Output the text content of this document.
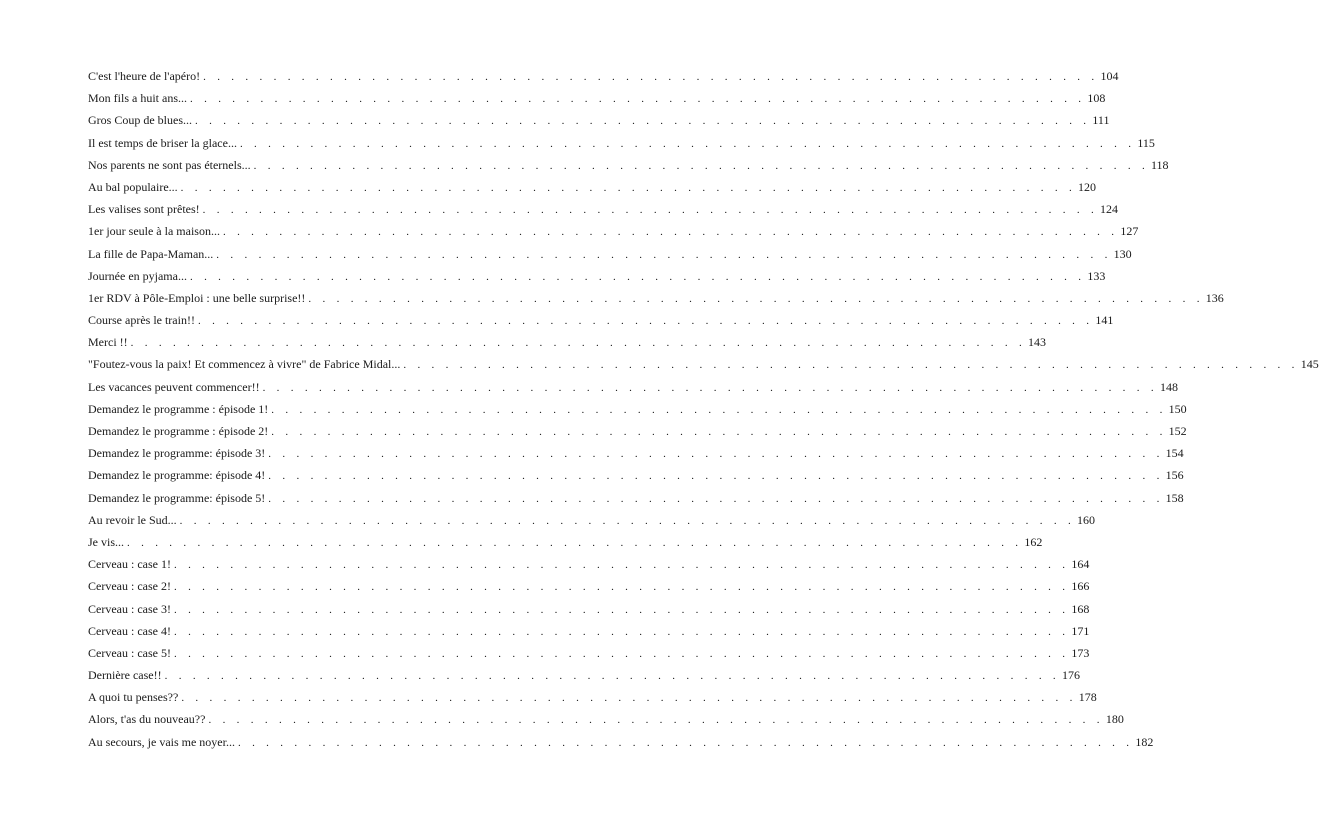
C'est l'heure de l'apéro! . . . . . . . . . . . . . . . . . . . . . . . . . . . . . . . . . . . . . . . . . . . . . . . . . . . . . . . . . . . . . . . . 104
Mon fils a huit ans... . . . . . . . . . . . . . . . . . . . . . . . . . . . . . . . . . . . . . . . . . . . . . . . . . . . . . . . . . . . . . . . . 108
Gros Coup de blues... . . . . . . . . . . . . . . . . . . . . . . . . . . . . . . . . . . . . . . . . . . . . . . . . . . . . . . . . . . . . . . . . 111
Il est temps de briser la glace... . . . . . . . . . . . . . . . . . . . . . . . . . . . . . . . . . . . . . . . . . . . . . . . . . . . . . . . . . . . . . . . . 115
Nos parents ne sont pas éternels... . . . . . . . . . . . . . . . . . . . . . . . . . . . . . . . . . . . . . . . . . . . . . . . . . . . . . . . . . . . . . . . . 118
Au bal populaire... . . . . . . . . . . . . . . . . . . . . . . . . . . . . . . . . . . . . . . . . . . . . . . . . . . . . . . . . . . . . . . . . 120
Les valises sont prêtes! . . . . . . . . . . . . . . . . . . . . . . . . . . . . . . . . . . . . . . . . . . . . . . . . . . . . . . . . . . . . . . . . 124
1er jour seule à la maison... . . . . . . . . . . . . . . . . . . . . . . . . . . . . . . . . . . . . . . . . . . . . . . . . . . . . . . . . . . . . . . . . 127
La fille de Papa-Maman... . . . . . . . . . . . . . . . . . . . . . . . . . . . . . . . . . . . . . . . . . . . . . . . . . . . . . . . . . . . . . . . . 130
Journée en pyjama... . . . . . . . . . . . . . . . . . . . . . . . . . . . . . . . . . . . . . . . . . . . . . . . . . . . . . . . . . . . . . . . . 133
1er RDV à Pôle-Emploi : une belle surprise!! . . . . . . . . . . . . . . . . . . . . . . . . . . . . . . . . . . . . . . . . . . . . . . . . . . . . . . . . . . . . . . . . 136
Course après le train!! . . . . . . . . . . . . . . . . . . . . . . . . . . . . . . . . . . . . . . . . . . . . . . . . . . . . . . . . . . . . . . . . 141
Merci !! . . . . . . . . . . . . . . . . . . . . . . . . . . . . . . . . . . . . . . . . . . . . . . . . . . . . . . . . . . . . . . . . 143
"Foutez-vous la paix! Et commencez à vivre" de Fabrice Midal... . . . . . . . . . . . . . . . . . . . . . . . . . . . . . . . . . . . . . . . . . . . . . . . . . . . . . . . . . . . . . . . . 145
Les vacances peuvent commencer!! . . . . . . . . . . . . . . . . . . . . . . . . . . . . . . . . . . . . . . . . . . . . . . . . . . . . . . . . . . . . . . . . 148
Demandez le programme : épisode 1! . . . . . . . . . . . . . . . . . . . . . . . . . . . . . . . . . . . . . . . . . . . . . . . . . . . . . . . . . . . . . . . . 150
Demandez le programme : épisode 2! . . . . . . . . . . . . . . . . . . . . . . . . . . . . . . . . . . . . . . . . . . . . . . . . . . . . . . . . . . . . . . . . 152
Demandez le programme: épisode 3! . . . . . . . . . . . . . . . . . . . . . . . . . . . . . . . . . . . . . . . . . . . . . . . . . . . . . . . . . . . . . . . . 154
Demandez le programme: épisode 4! . . . . . . . . . . . . . . . . . . . . . . . . . . . . . . . . . . . . . . . . . . . . . . . . . . . . . . . . . . . . . . . . 156
Demandez le programme: épisode 5! . . . . . . . . . . . . . . . . . . . . . . . . . . . . . . . . . . . . . . . . . . . . . . . . . . . . . . . . . . . . . . . . 158
Au revoir le Sud... . . . . . . . . . . . . . . . . . . . . . . . . . . . . . . . . . . . . . . . . . . . . . . . . . . . . . . . . . . . . . . . . 160
Je vis... . . . . . . . . . . . . . . . . . . . . . . . . . . . . . . . . . . . . . . . . . . . . . . . . . . . . . . . . . . . . . . . . 162
Cerveau : case 1! . . . . . . . . . . . . . . . . . . . . . . . . . . . . . . . . . . . . . . . . . . . . . . . . . . . . . . . . . . . . . . . . 164
Cerveau : case 2! . . . . . . . . . . . . . . . . . . . . . . . . . . . . . . . . . . . . . . . . . . . . . . . . . . . . . . . . . . . . . . . . 166
Cerveau : case 3! . . . . . . . . . . . . . . . . . . . . . . . . . . . . . . . . . . . . . . . . . . . . . . . . . . . . . . . . . . . . . . . . 168
Cerveau : case 4! . . . . . . . . . . . . . . . . . . . . . . . . . . . . . . . . . . . . . . . . . . . . . . . . . . . . . . . . . . . . . . . . 171
Cerveau : case 5! . . . . . . . . . . . . . . . . . . . . . . . . . . . . . . . . . . . . . . . . . . . . . . . . . . . . . . . . . . . . . . . . 173
Dernière case!! . . . . . . . . . . . . . . . . . . . . . . . . . . . . . . . . . . . . . . . . . . . . . . . . . . . . . . . . . . . . . . . . 176
A quoi tu penses?? . . . . . . . . . . . . . . . . . . . . . . . . . . . . . . . . . . . . . . . . . . . . . . . . . . . . . . . . . . . . . . . . 178
Alors, t'as du nouveau?? . . . . . . . . . . . . . . . . . . . . . . . . . . . . . . . . . . . . . . . . . . . . . . . . . . . . . . . . . . . . . . . . 180
Au secours, je vais me noyer... . . . . . . . . . . . . . . . . . . . . . . . . . . . . . . . . . . . . . . . . . . . . . . . . . . . . . . . . . . . . . . . . 182
